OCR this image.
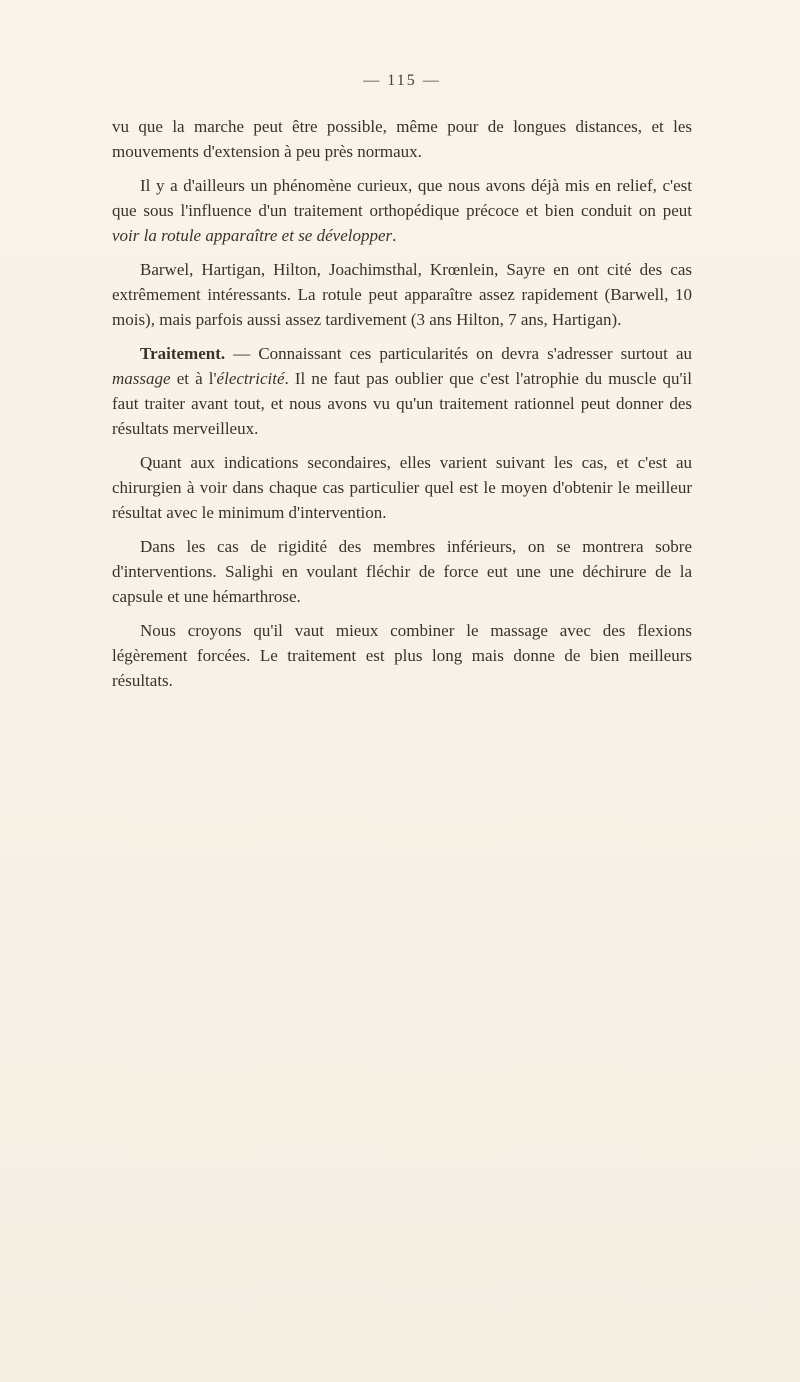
— 115 —

vu que la marche peut être possible, même pour de longues distances, et les mouvements d'extension à peu près normaux.

Il y a d'ailleurs un phénomène curieux, que nous avons déjà mis en relief, c'est que sous l'influence d'un traitement orthopédique précoce et bien conduit on peut voir la rotule apparaître et se développer.

Barwel, Hartigan, Hilton, Joachimsthal, Krœnlein, Sayre en ont cité des cas extrêmement intéressants. La rotule peut apparaître assez rapidement (Barwell, 10 mois), mais parfois aussi assez tardivement (3 ans Hilton, 7 ans, Hartigan).

Traitement. — Connaissant ces particularités on devra s'adresser surtout au massage et à l'électricité. Il ne faut pas oublier que c'est l'atrophie du muscle qu'il faut traiter avant tout, et nous avons vu qu'un traitement rationnel peut donner des résultats merveilleux.

Quant aux indications secondaires, elles varient suivant les cas, et c'est au chirurgien à voir dans chaque cas particulier quel est le moyen d'obtenir le meilleur résultat avec le minimum d'intervention.

Dans les cas de rigidité des membres inférieurs, on se montrera sobre d'interventions. Salighi en voulant fléchir de force eut une une déchirure de la capsule et une hémarthrose.

Nous croyons qu'il vaut mieux combiner le massage avec des flexions légèrement forcées. Le traitement est plus long mais donne de bien meilleurs résultats.
